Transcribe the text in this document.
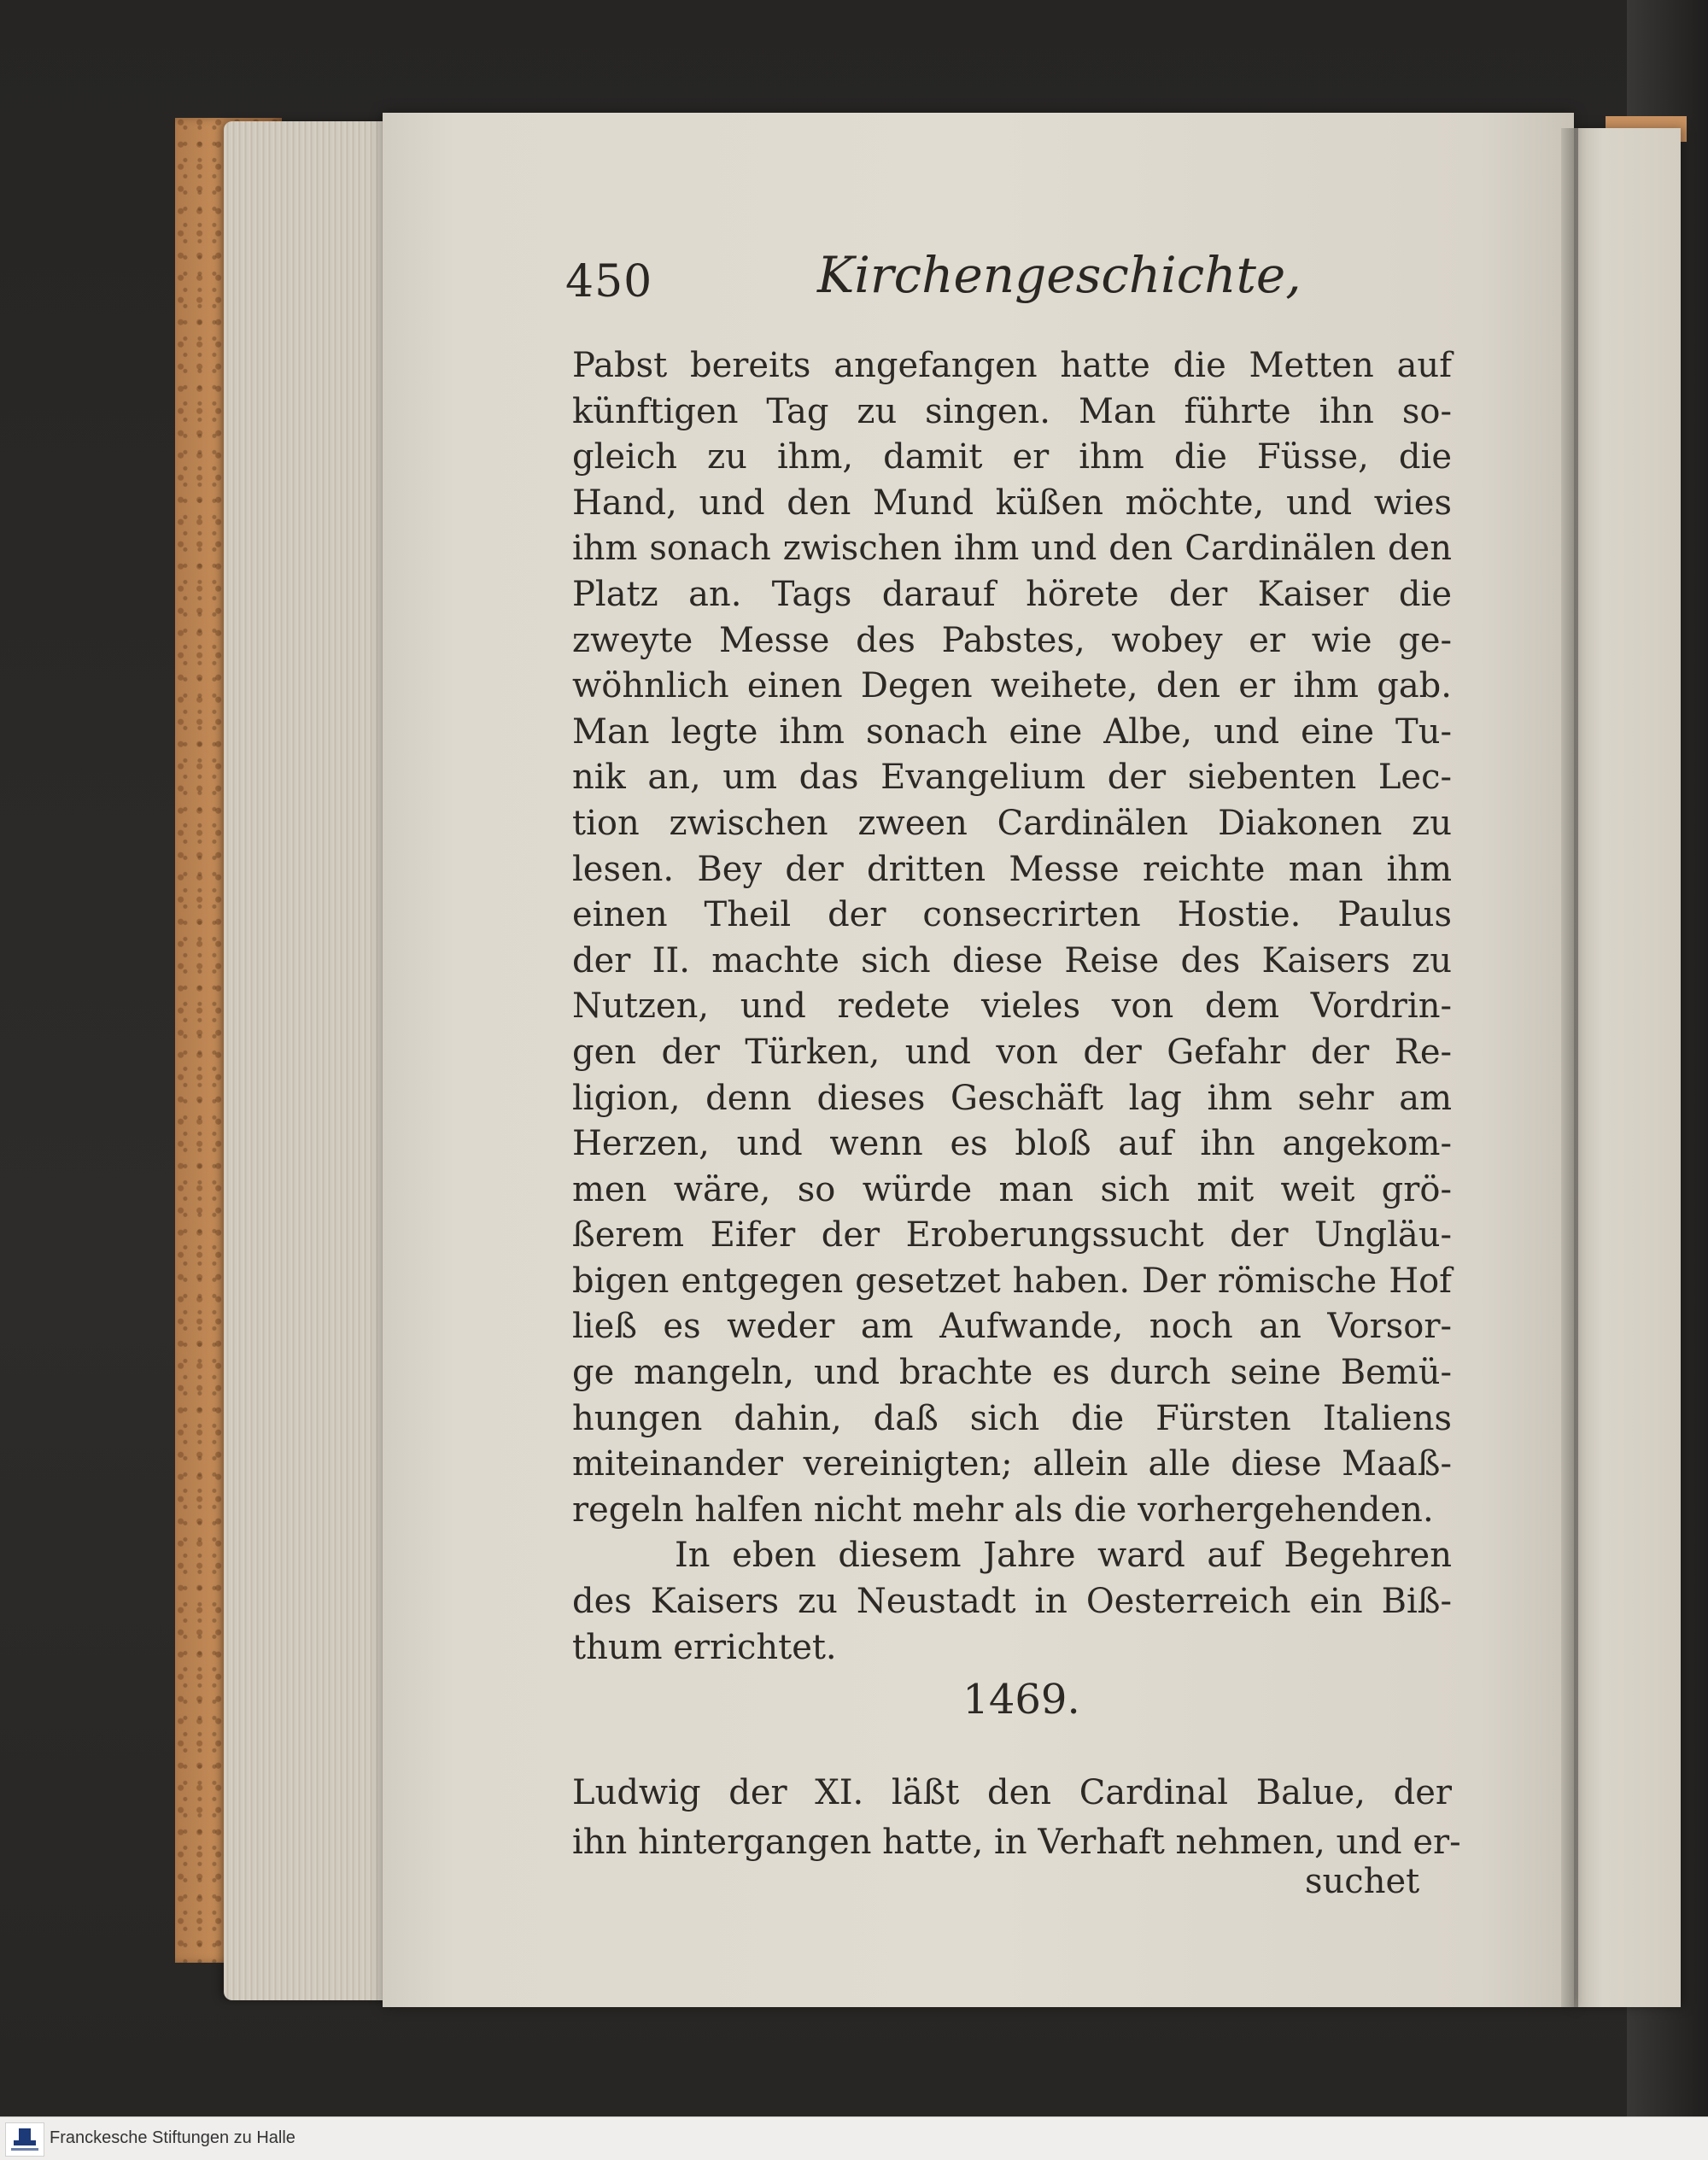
450	Kirchengeschichte,
Pabst bereits angefangen hatte die Metten auf
künftigen Tag zu singen. Man führte ihn so-
gleich zu ihm, damit er ihm die Füsse, die
Hand, und den Mund küßen möchte, und wies
ihm sonach zwischen ihm und den Cardinälen den
Platz an. Tags darauf hörete der Kaiser die
zweyte Messe des Pabstes, wobey er wie ge-
wöhnlich einen Degen weihete, den er ihm gab.
Man legte ihm sonach eine Albe, und eine Tu-
nik an, um das Evangelium der siebenten Lec-
tion zwischen zween Cardinälen Diakonen zu
lesen. Bey der dritten Messe reichte man ihm
einen Theil der consecrirten Hostie. Paulus
der II. machte sich diese Reise des Kaisers zu
Nutzen, und redete vieles von dem Vordrin-
gen der Türken, und von der Gefahr der Re-
ligion, denn dieses Geschäft lag ihm sehr am
Herzen, und wenn es bloß auf ihn angekom-
men wäre, so würde man sich mit weit grö-
ßerem Eifer der Eroberungssucht der Ungläu-
bigen entgegen gesetzet haben. Der römische Hof
ließ es weder am Aufwande, noch an Vorsor-
ge mangeln, und brachte es durch seine Bemü-
hungen dahin, daß sich die Fürsten Italiens
miteinander vereinigten; allein alle diese Maaß-
regeln halfen nicht mehr als die vorhergehenden.
In eben diesem Jahre ward auf Begehren
des Kaisers zu Neustadt in Oesterreich ein Biß-
thum errichtet.
1469.
Ludwig der XI. läßt den Cardinal Balue, der
ihn hintergangen hatte, in Verhaft nehmen, und er-
suchet
Franckesche Stiftungen zu Halle
